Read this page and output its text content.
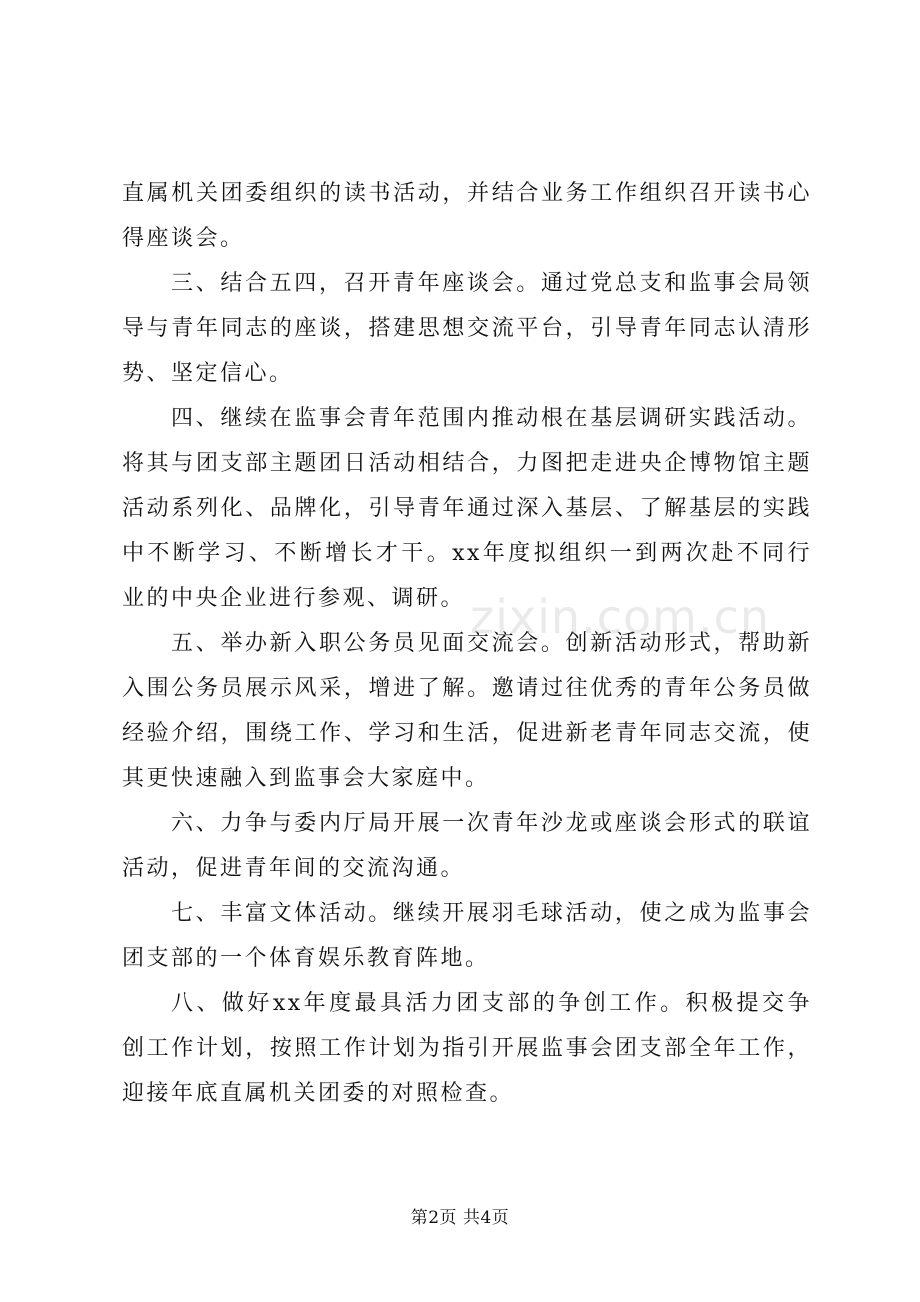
直属机关团委组织的读书活动，并结合业务工作组织召开读书心得座谈会。

三、结合五四，召开青年座谈会。通过党总支和监事会局领导与青年同志的座谈，搭建思想交流平台，引导青年同志认清形势、坚定信心。

四、继续在监事会青年范围内推动根在基层调研实践活动。将其与团支部主题团日活动相结合，力图把走进央企博物馆主题活动系列化、品牌化，引导青年通过深入基层、了解基层的实践中不断学习、不断增长才干。xx年度拟组织一到两次赴不同行业的中央企业进行参观、调研。

五、举办新入职公务员见面交流会。创新活动形式，帮助新入围公务员展示风采，增进了解。邀请过往优秀的青年公务员做经验介绍，围绕工作、学习和生活，促进新老青年同志交流，使其更快速融入到监事会大家庭中。

六、力争与委内厅局开展一次青年沙龙或座谈会形式的联谊活动，促进青年间的交流沟通。

七、丰富文体活动。继续开展羽毛球活动，使之成为监事会团支部的一个体育娱乐教育阵地。

八、做好xx年度最具活力团支部的争创工作。积极提交争创工作计划，按照工作计划为指引开展监事会团支部全年工作，迎接年底直属机关团委的对照检查。

zixin.com.cn
第2页 共4页
